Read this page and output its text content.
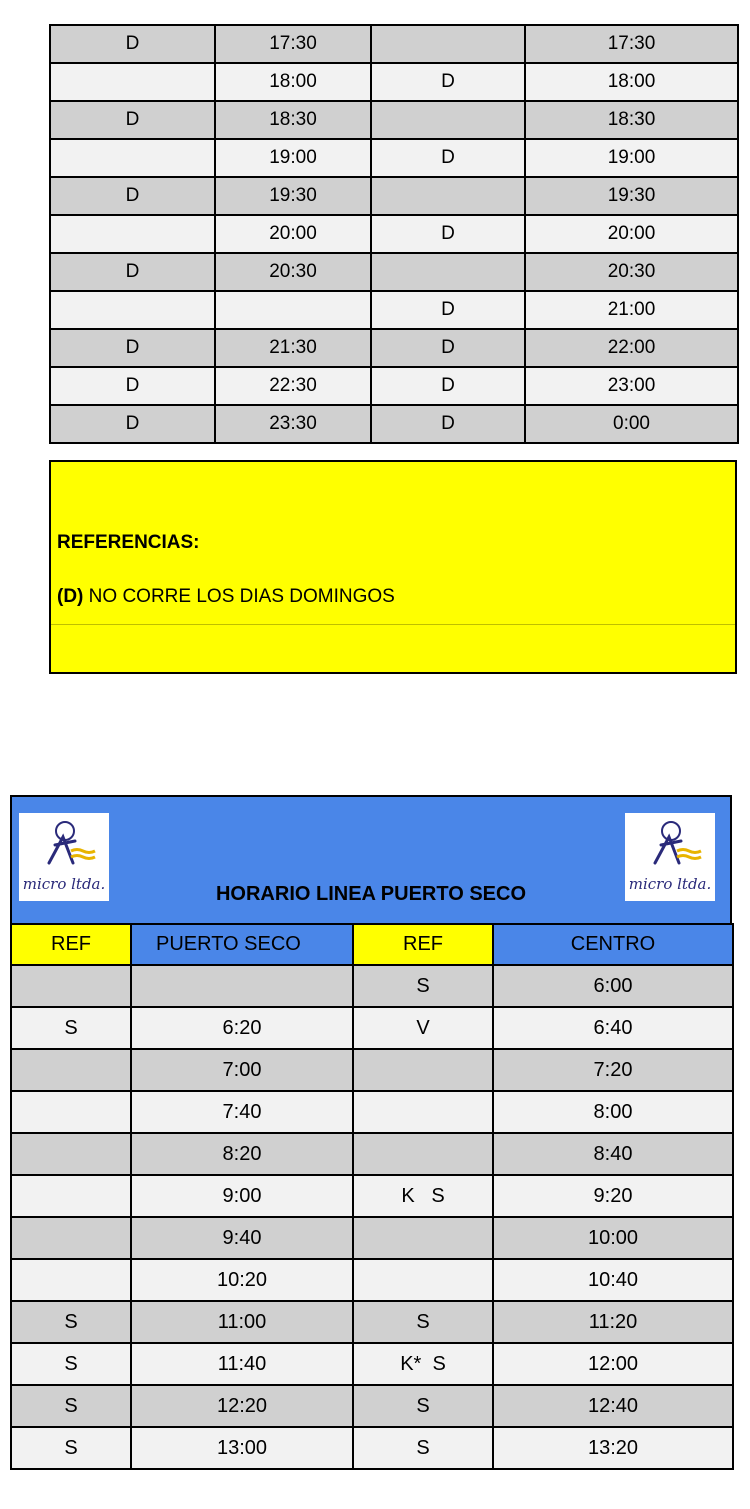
D	17:30		17:30
	18:00	D	18:00
D	18:30		18:30
	19:00	D	19:00
D	19:30		19:30
	20:00	D	20:00
D	20:30		20:30
		D	21:00
D	21:30	D	22:00
D	22:30	D	23:00
D	23:30	D	0:00
REFERENCIAS:
(D) NO CORRE LOS DIAS DOMINGOS
micro ltda.	HORARIO LINEA PUERTO SECO	micro ltda.
REF	PUERTO SECO	REF	CENTRO
		S	6:00
S	6:20	V	6:40
	7:00		7:20
	7:40		8:00
	8:20		8:40
	9:00	K   S	9:20
	9:40		10:00
	10:20		10:40
S	11:00	S	11:20
S	11:40	K*  S	12:00
S	12:20	S	12:40
S	13:00	S	13:20
